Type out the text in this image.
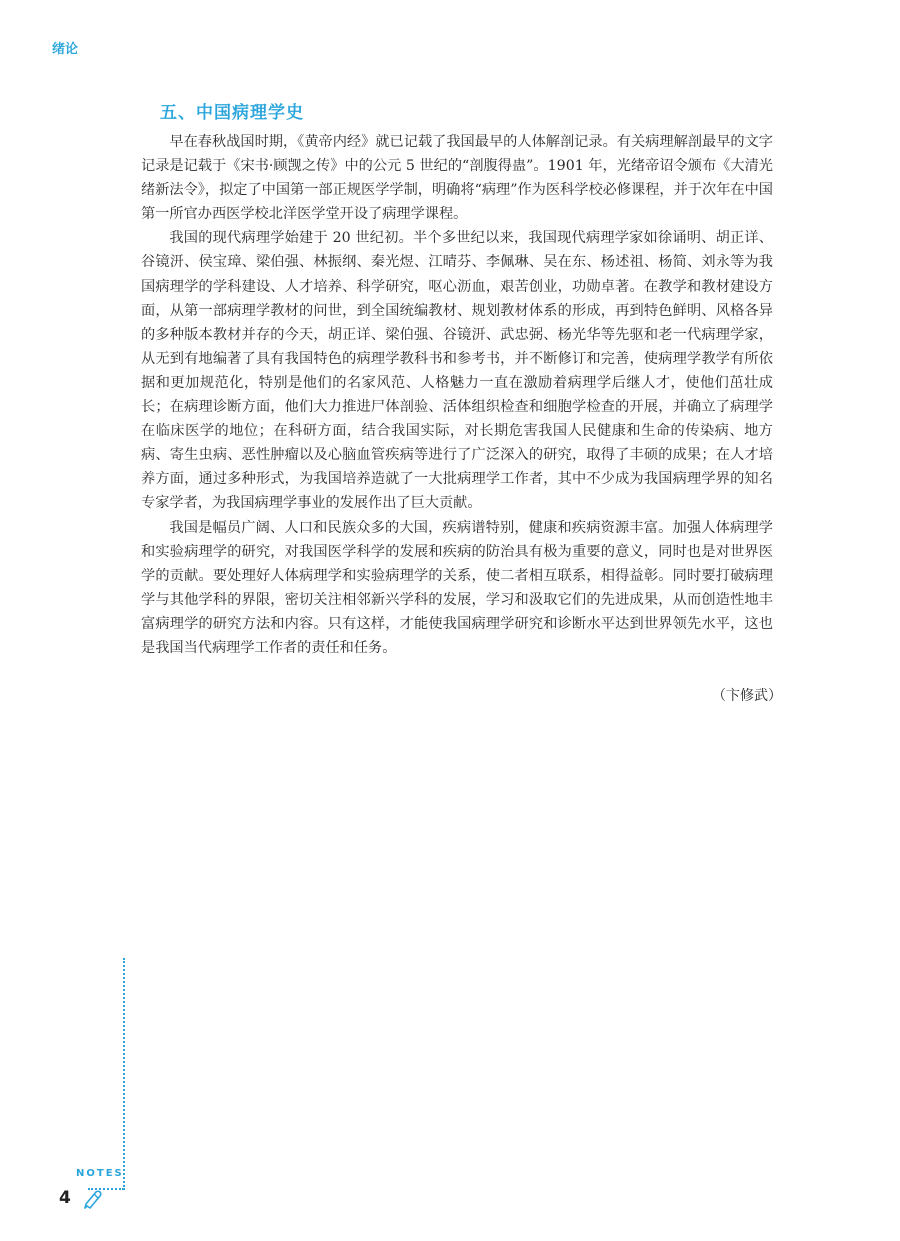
绪论
五、中国病理学史

早在春秋战国时期，《黄帝内经》就已记载了我国最早的人体解剖记录。有关病理解剖最早的文字记录是记载于《宋书·顾觊之传》中的公元 5 世纪的“剖腹得蛊”。1901 年，光绪帝诏令颁布《大清光绪新法令》，拟定了中国第一部正规医学学制，明确将“病理”作为医科学校必修课程，并于次年在中国第一所官办西医学校北洋医学堂开设了病理学课程。

我国的现代病理学始建于 20 世纪初。半个多世纪以来，我国现代病理学家如徐诵明、胡正详、谷镜汧、侯宝璋、梁伯强、林振纲、秦光煜、江晴芬、李佩琳、吴在东、杨述祖、杨简、刘永等为我国病理学的学科建设、人才培养、科学研究，呕心沥血，艰苦创业，功勋卓著。在教学和教材建设方面，从第一部病理学教材的问世，到全国统编教材、规划教材体系的形成，再到特色鲜明、风格各异的多种版本教材并存的今天，胡正详、梁伯强、谷镜汧、武忠弼、杨光华等先驱和老一代病理学家，从无到有地编著了具有我国特色的病理学教科书和参考书，并不断修订和完善，使病理学教学有所依据和更加规范化，特别是他们的名家风范、人格魅力一直在激励着病理学后继人才，使他们茁壮成长；在病理诊断方面，他们大力推进尸体剖验、活体组织检查和细胞学检查的开展，并确立了病理学在临床医学的地位；在科研方面，结合我国实际，对长期危害我国人民健康和生命的传染病、地方病、寄生虫病、恶性肿瘤以及心脑血管疾病等进行了广泛深入的研究，取得了丰硕的成果；在人才培养方面，通过多种形式，为我国培养造就了一大批病理学工作者，其中不少成为我国病理学界的知名专家学者，为我国病理学事业的发展作出了巨大贡献。

我国是幅员广阔、人口和民族众多的大国，疾病谱特别，健康和疾病资源丰富。加强人体病理学和实验病理学的研究，对我国医学科学的发展和疾病的防治具有极为重要的意义，同时也是对世界医学的贡献。要处理好人体病理学和实验病理学的关系，使二者相互联系，相得益彰。同时要打破病理学与其他学科的界限，密切关注相邻新兴学科的发展，学习和汲取它们的先进成果，从而创造性地丰富病理学的研究方法和内容。只有这样，才能使我国病理学研究和诊断水平达到世界领先水平，这也是我国当代病理学工作者的责任和任务。

（卞修武）
NOTES
4
